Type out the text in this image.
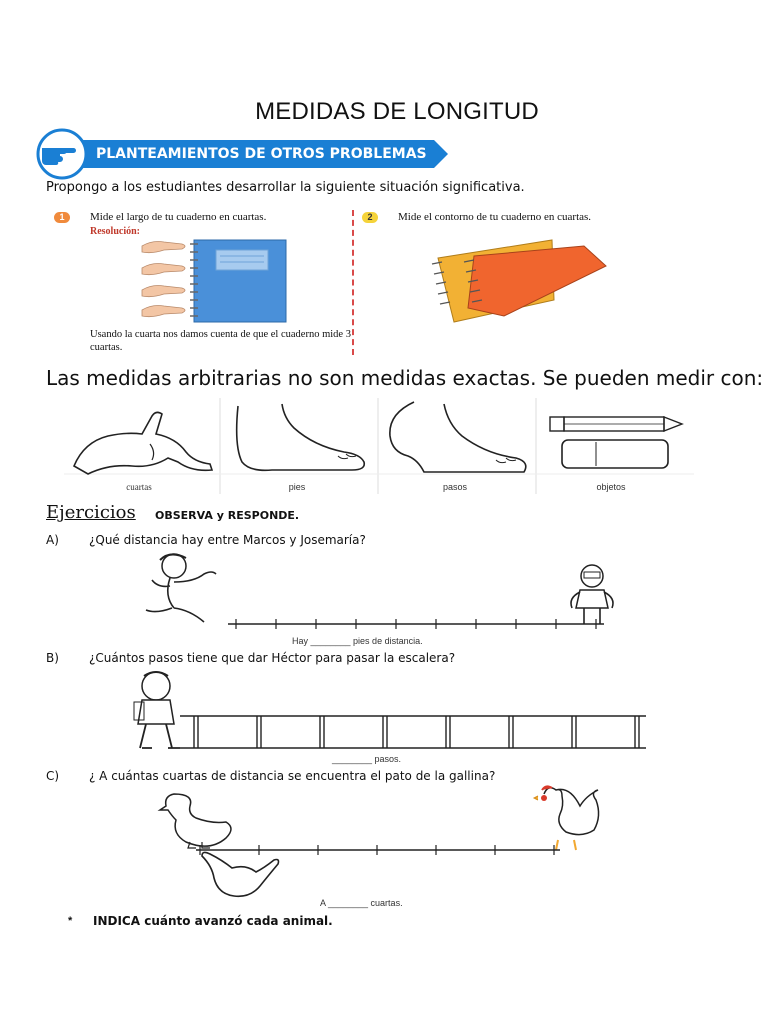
MEDIDAS DE LONGITUD
PLANTEAMIENTOS DE OTROS PROBLEMAS
Propongo a los estudiantes desarrollar la siguiente situación significativa.
1	Mide el largo de tu cuaderno en cuartas.
Resolución:
Usando la cuarta nos damos cuenta de que el cuaderno mide 3 cuartas.
2	Mide el contorno de tu cuaderno en cuartas.
Las medidas arbitrarias no son medidas exactas. Se pueden medir con:
cuartas	pies	pasos	objetos
Ejercicios OBSERVA y RESPONDE.
A)	¿Qué distancia hay entre Marcos y Josemaría?
Hay ________ pies de distancia.
B)	¿Cuántos pasos tiene que dar Héctor para pasar la escalera?
________ pasos.
C) ¿ A cuántas cuartas de distancia se encuentra el pato de la gallina?
A ________ cuartas.
* INDICA cuánto avanzó cada animal.
